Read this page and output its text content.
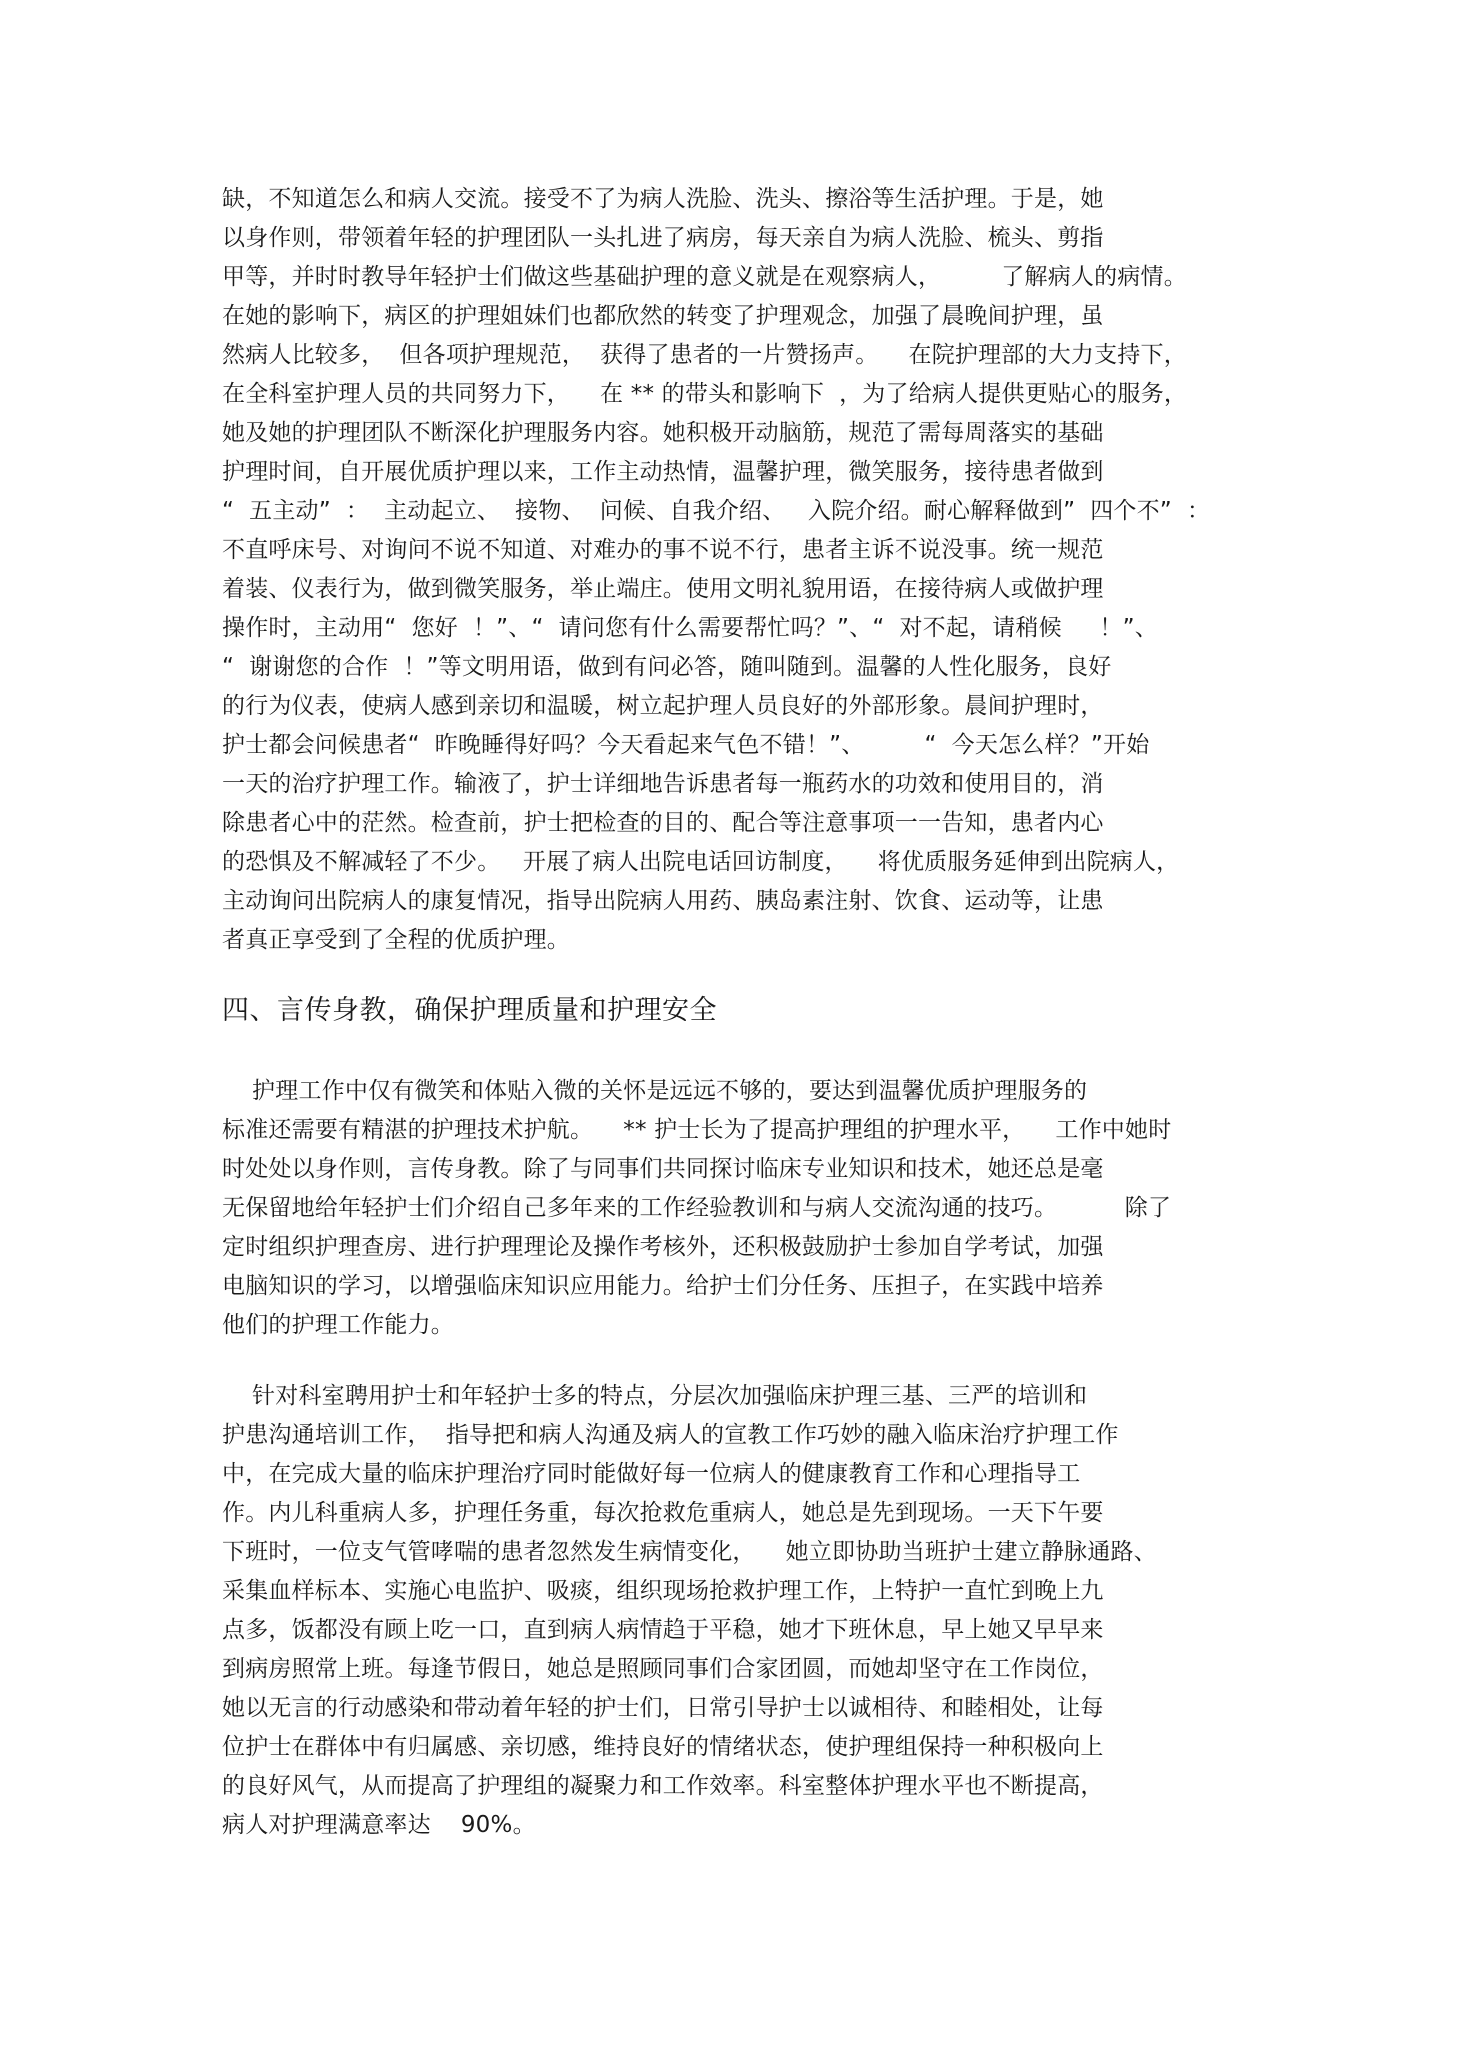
缺，不知道怎么和病人交流。接受不了为病人洗脸、洗头、擦浴等生活护理。于是，她
以身作则，带领着年轻的护理团队一头扎进了病房，每天亲自为病人洗脸、梳头、剪指
甲等，并时时教导年轻护士们做这些基础护理的意义就是在观察病人，        了解病人的病情。
在她的影响下，病区的护理姐妹们也都欣然的转变了护理观念，加强了晨晚间护理，虽
然病人比较多，  但各项护理规范，  获得了患者的一片赞扬声。    在院护理部的大力支持下，
在全科室护理人员的共同努力下，    在 ** 的带头和影响下  ，为了给病人提供更贴心的服务，
她及她的护理团队不断深化护理服务内容。她积极开动脑筋，规范了需每周落实的基础
护理时间，自开展优质护理以来，工作主动热情，温馨护理，微笑服务，接待患者做到
“  五主动”  ：  主动起立、  接物、  问候、自我介绍、   入院介绍。耐心解释做到”  四个不”  ：
不直呼床号、对询问不说不知道、对难办的事不说不行，患者主诉不说没事。统一规范
着装、仪表行为，做到微笑服务，举止端庄。使用文明礼貌用语，在接待病人或做护理
操作时，主动用“  您好  ！”、“  请问您有什么需要帮忙吗？”、“  对不起，请稍候     ！”、
“  谢谢您的合作  ！”等文明用语，做到有问必答，随叫随到。温馨的人性化服务，良好
的行为仪表，使病人感到亲切和温暖，树立起护理人员良好的外部形象。晨间护理时，
护士都会问候患者“  昨晚睡得好吗？今天看起来气色不错！”、        “  今天怎么样？”开始
一天的治疗护理工作。输液了，护士详细地告诉患者每一瓶药水的功效和使用目的，消
除患者心中的茫然。检查前，护士把检查的目的、配合等注意事项一一告知，患者内心
的恐惧及不解减轻了不少。   开展了病人出院电话回访制度，    将优质服务延伸到出院病人，
主动询问出院病人的康复情况，指导出院病人用药、胰岛素注射、饮食、运动等，让患
者真正享受到了全程的优质护理。
四、言传身教，确保护理质量和护理安全
护理工作中仅有微笑和体贴入微的关怀是远远不够的，要达到温馨优质护理服务的
标准还需要有精湛的护理技术护航。    ** 护士长为了提高护理组的护理水平，    工作中她时
时处处以身作则，言传身教。除了与同事们共同探讨临床专业知识和技术，她还总是毫
无保留地给年轻护士们介绍自己多年来的工作经验教训和与病人交流沟通的技巧。         除了
定时组织护理查房、进行护理理论及操作考核外，还积极鼓励护士参加自学考试，加强
电脑知识的学习，以增强临床知识应用能力。给护士们分任务、压担子，在实践中培养
他们的护理工作能力。
针对科室聘用护士和年轻护士多的特点，分层次加强临床护理三基、三严的培训和
护患沟通培训工作，  指导把和病人沟通及病人的宣教工作巧妙的融入临床治疗护理工作
中，在完成大量的临床护理治疗同时能做好每一位病人的健康教育工作和心理指导工
作。内儿科重病人多，护理任务重，每次抢救危重病人，她总是先到现场。一天下午要
下班时，一位支气管哮喘的患者忽然发生病情变化，    她立即协助当班护士建立静脉通路、
采集血样标本、实施心电监护、吸痰，组织现场抢救护理工作，上特护一直忙到晚上九
点多，饭都没有顾上吃一口，直到病人病情趋于平稳，她才下班休息，早上她又早早来
到病房照常上班。每逢节假日，她总是照顾同事们合家团圆，而她却坚守在工作岗位，
她以无言的行动感染和带动着年轻的护士们，日常引导护士以诚相待、和睦相处，让每
位护士在群体中有归属感、亲切感，维持良好的情绪状态，使护理组保持一种积极向上
的良好风气，从而提高了护理组的凝聚力和工作效率。科室整体护理水平也不断提高，
病人对护理满意率达    90%。
